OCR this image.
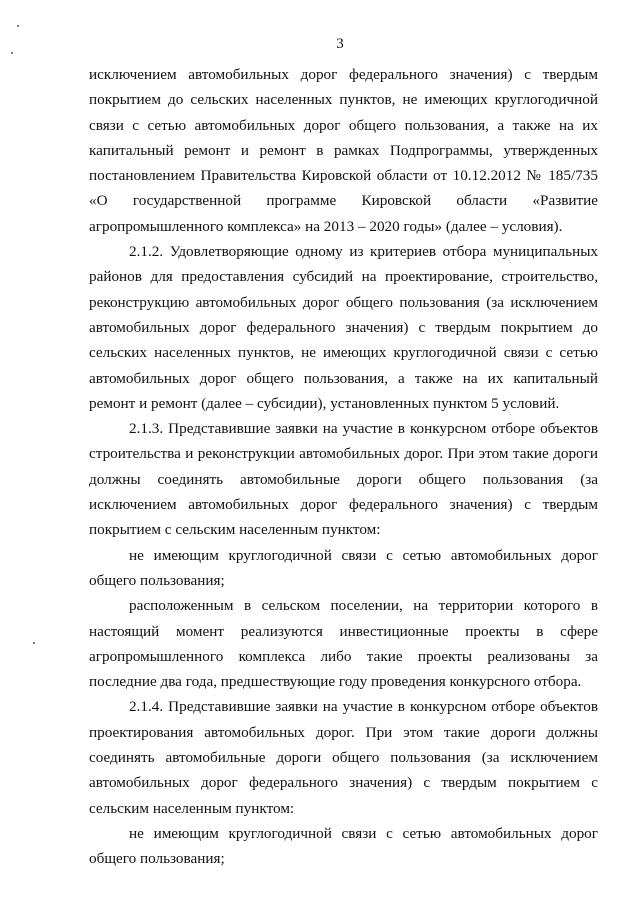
3

исключением автомобильных дорог федерального значения) с твердым покрытием до сельских населенных пунктов, не имеющих круглогодичной связи с сетью автомобильных дорог общего пользования, а также на их капитальный ремонт и ремонт в рамках Подпрограммы, утвержденных постановлением Правительства Кировской области от 10.12.2012 № 185/735 «О государственной программе Кировской области «Развитие агропромышленного комплекса» на 2013 – 2020 годы» (далее – условия).

2.1.2. Удовлетворяющие одному из критериев отбора муниципальных районов для предоставления субсидий на проектирование, строительство, реконструкцию автомобильных дорог общего пользования (за исключением автомобильных дорог федерального значения) с твердым покрытием до сельских населенных пунктов, не имеющих круглогодичной связи с сетью автомобильных дорог общего пользования, а также на их капитальный ремонт и ремонт (далее – субсидии), установленных пунктом 5 условий.

2.1.3. Представившие заявки на участие в конкурсном отборе объектов строительства и реконструкции автомобильных дорог. При этом такие дороги должны соединять автомобильные дороги общего пользования (за исключением автомобильных дорог федерального значения) с твердым покрытием с сельским населенным пунктом:

не имеющим круглогодичной связи с сетью автомобильных дорог общего пользования;

расположенным в сельском поселении, на территории которого в настоящий момент реализуются инвестиционные проекты в сфере агропромышленного комплекса либо такие проекты реализованы за последние два года, предшествующие году проведения конкурсного отбора.

2.1.4. Представившие заявки на участие в конкурсном отборе объектов проектирования автомобильных дорог. При этом такие дороги должны соединять автомобильные дороги общего пользования (за исключением автомобильных дорог федерального значения) с твердым покрытием с сельским населенным пунктом:

не имеющим круглогодичной связи с сетью автомобильных дорог общего пользования;
